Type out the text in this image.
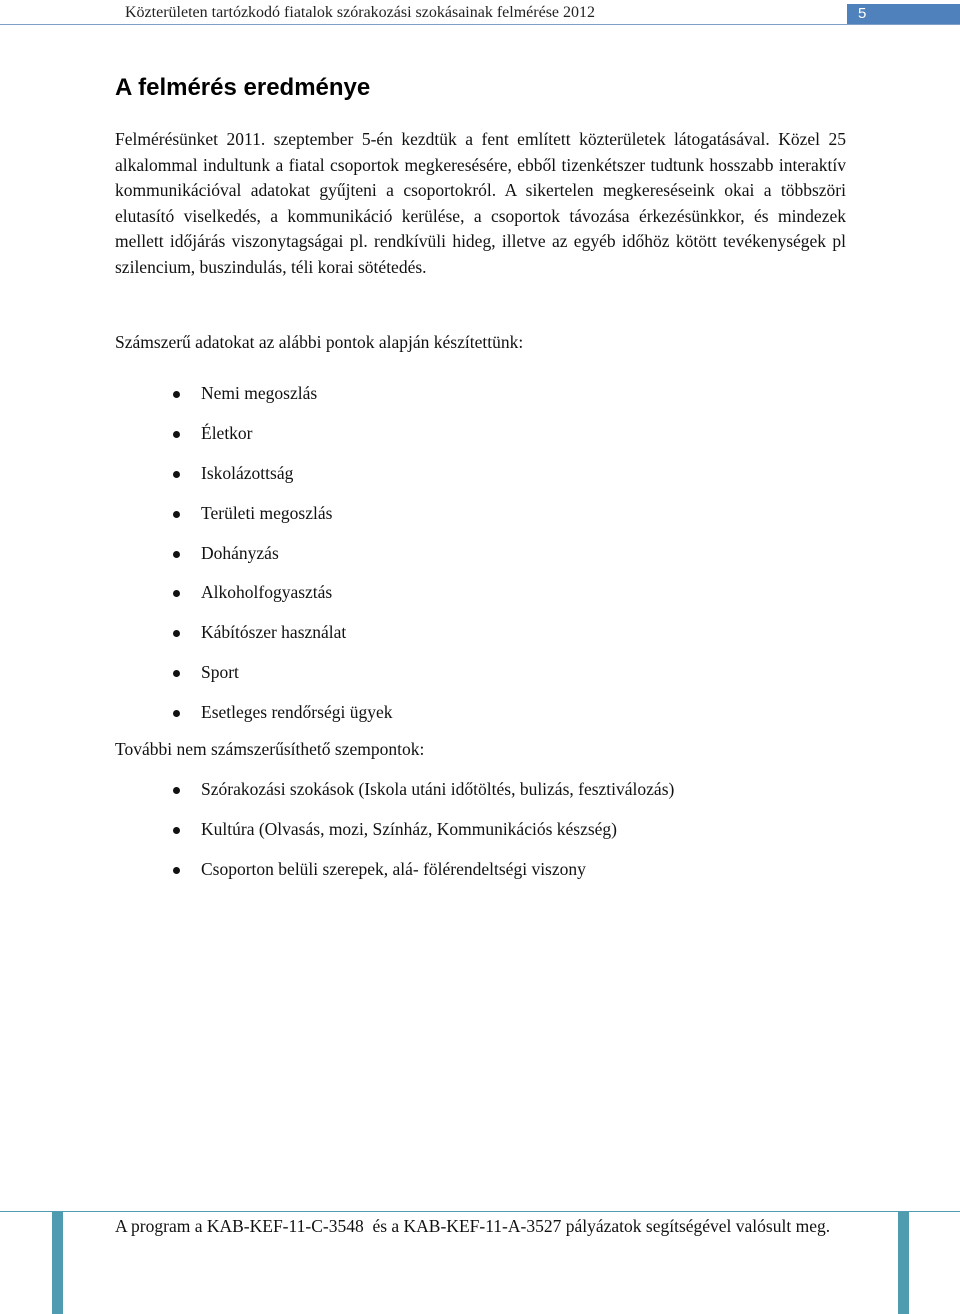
Közterületen tartózkodó fiatalok szórakozási szokásainak felmérése 2012	5
A felmérés eredménye

Felmérésünket 2011. szeptember 5-én kezdtük a fent említett közterületek látogatásával. Közel 25 alkalommal indultunk a fiatal csoportok megkeresésére, ebből tizenkétszer tudtunk hosszabb interaktív kommunikációval adatokat gyűjteni a csoportokról. A sikertelen megkereséseink okai a többszöri elutasító viselkedés, a kommunikáció kerülése, a csoportok távozása érkezésünkkor, és mindezek mellett időjárás viszonytagságai pl. rendkívüli hideg, illetve az egyéb időhöz kötött tevékenységek pl szilencium, buszindulás, téli korai sötétedés.

Számszerű adatokat az alábbi pontok alapján készítettünk:

Nemi megoszlás
Életkor
Iskolázottság
Területi megoszlás
Dohányzás
Alkoholfogyasztás
Kábítószer használat
Sport
Esetleges rendőrségi ügyek

További nem számszerűsíthető szempontok:

Szórakozási szokások (Iskola utáni időtöltés, bulizás, fesztiválozás)
Kultúra (Olvasás, mozi, Színház, Kommunikációs készség)
Csoporton belüli szerepek, alá- fölérendeltségi viszony

A program a KAB-KEF-11-C-3548  és a KAB-KEF-11-A-3527 pályázatok segítségével valósult meg.
